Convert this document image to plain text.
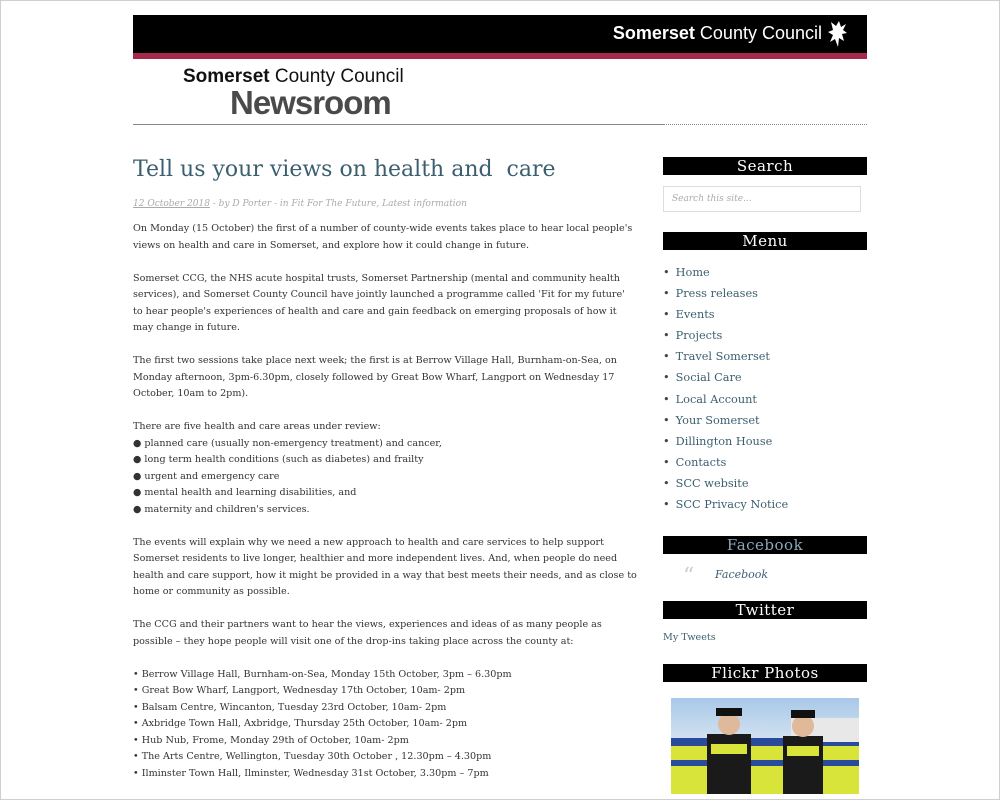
Somerset County Council
Somerset County Council
Newsroom
Tell us your views on health and  care
12 October 2018 - by D Porter - in Fit For The Future, Latest information

On Monday (15 October) the first of a number of county-wide events takes place to hear local people's
views on health and care in Somerset, and explore how it could change in future.

Somerset CCG, the NHS acute hospital trusts, Somerset Partnership (mental and community health
services), and Somerset County Council have jointly launched a programme called 'Fit for my future'
to hear people's experiences of health and care and gain feedback on emerging proposals of how it
may change in future.

The first two sessions take place next week; the first is at Berrow Village Hall, Burnham-on-Sea, on
Monday afternoon, 3pm-6.30pm, closely followed by Great Bow Wharf, Langport on Wednesday 17
October, 10am to 2pm).

There are five health and care areas under review:
● planned care (usually non-emergency treatment) and cancer,
● long term health conditions (such as diabetes) and frailty
● urgent and emergency care
● mental health and learning disabilities, and
● maternity and children's services.

The events will explain why we need a new approach to health and care services to help support
Somerset residents to live longer, healthier and more independent lives. And, when people do need
health and care support, how it might be provided in a way that best meets their needs, and as close to
home or community as possible.

The CCG and their partners want to hear the views, experiences and ideas of as many people as
possible – they hope people will visit one of the drop-ins taking place across the county at:

• Berrow Village Hall, Burnham-on-Sea, Monday 15th October, 3pm – 6.30pm
• Great Bow Wharf, Langport, Wednesday 17th October, 10am- 2pm
• Balsam Centre, Wincanton, Tuesday 23rd October, 10am- 2pm
• Axbridge Town Hall, Axbridge, Thursday 25th October, 10am- 2pm
• Hub Nub, Frome, Monday 29th of October, 10am- 2pm
• The Arts Centre, Wellington, Tuesday 30th October , 12.30pm – 4.30pm
• Ilminster Town Hall, Ilminster, Wednesday 31st October, 3.30pm – 7pm

Search
Search this site...
Menu
• Home
• Press releases
• Events
• Projects
• Travel Somerset
• Social Care
• Local Account
• Your Somerset
• Dillington House
• Contacts
• SCC website
• SCC Privacy Notice
Facebook
“ Facebook
Twitter
My Tweets
Flickr Photos
